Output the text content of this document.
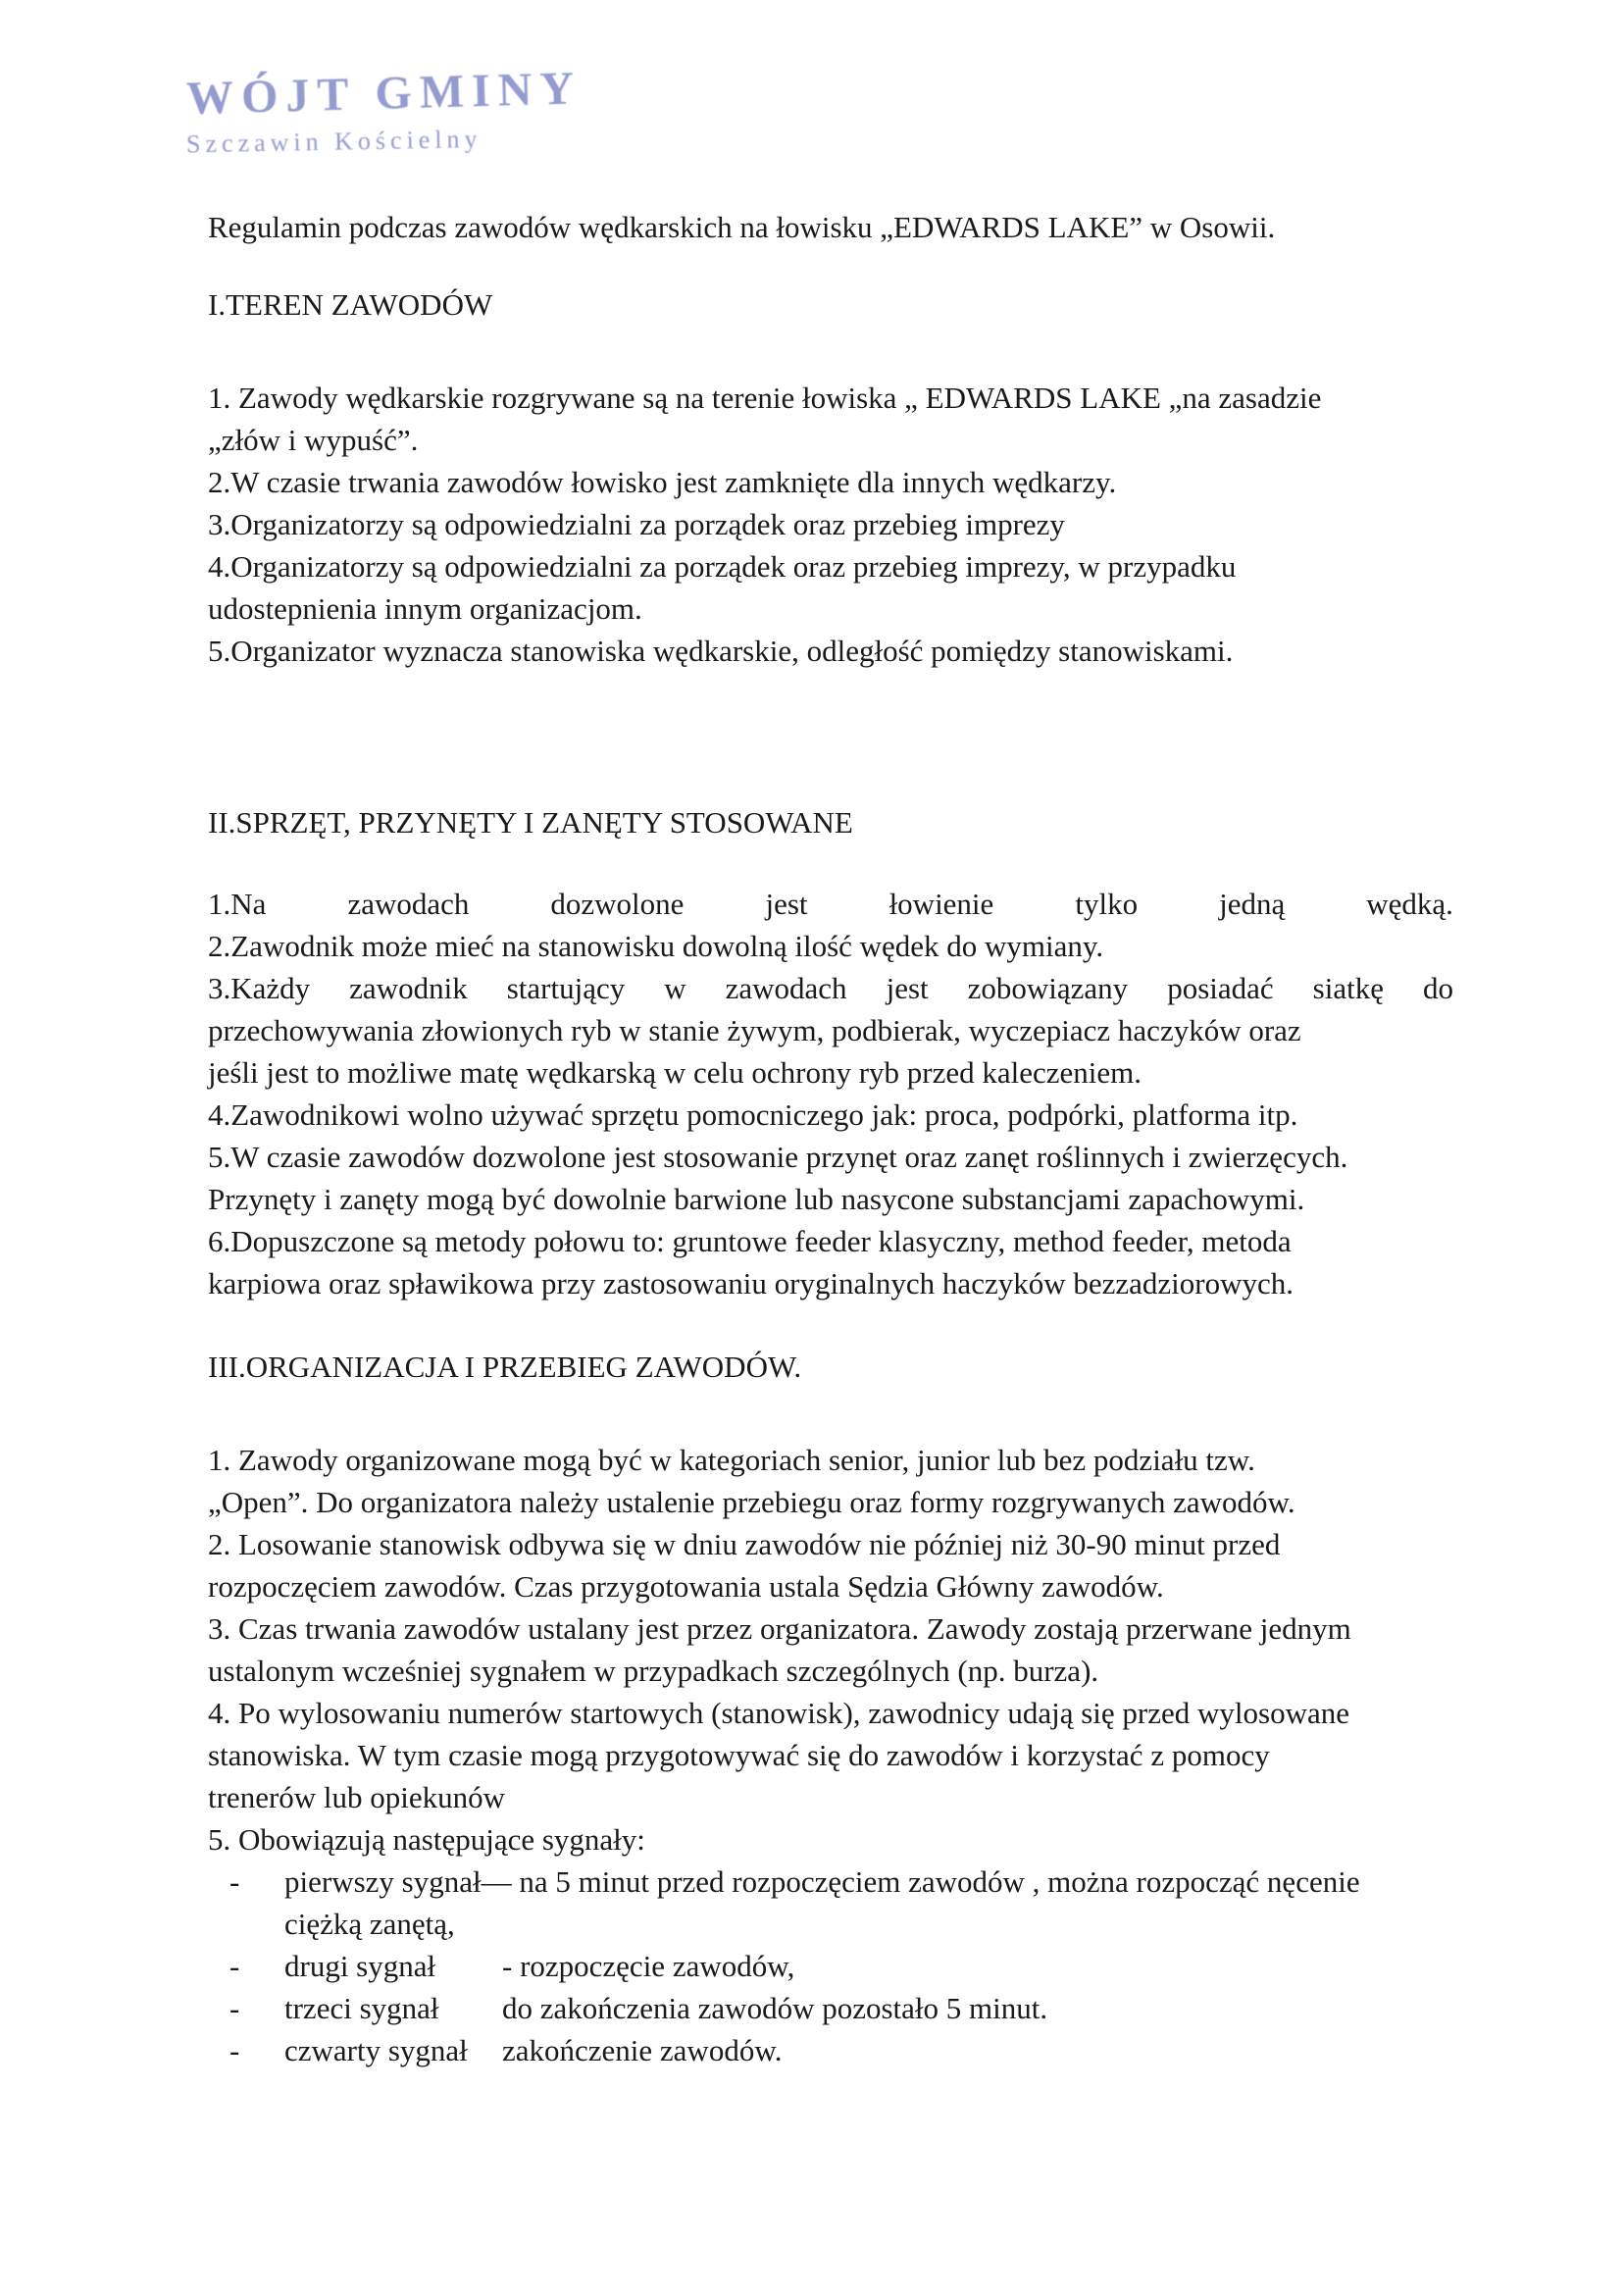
WÓJT GMINY
Szczawin Kościelny

Regulamin podczas zawodów wędkarskich na łowisku „EDWARDS LAKE” w Osowii.

I.TEREN ZAWODÓW

1. Zawody wędkarskie rozgrywane są na terenie łowiska „ EDWARDS LAKE „na zasadzie

„złów i wypuść”.

2.W czasie trwania zawodów łowisko jest zamknięte dla innych wędkarzy.

3.Organizatorzy są odpowiedzialni za porządek oraz przebieg imprezy

4.Organizatorzy są odpowiedzialni za porządek oraz przebieg imprezy, w przypadku

udostepnienia innym organizacjom.

5.Organizator wyznacza stanowiska wędkarskie, odległość pomiędzy stanowiskami.

II.SPRZĘT, PRZYNĘTY I ZANĘTY STOSOWANE

1.Na	zawodach	dozwolone	jest	łowienie	tylko	jedną	wędką.

2.Zawodnik może mieć na stanowisku dowolną ilość wędek do wymiany.

3.Każdy zawodnik startujący w zawodach jest zobowiązany posiadać siatkę do

przechowywania złowionych ryb w stanie żywym, podbierak, wyczepiacz haczyków oraz

jeśli jest to możliwe matę wędkarską w celu ochrony ryb przed kaleczeniem.

4.Zawodnikowi wolno używać sprzętu pomocniczego jak: proca, podpórki, platforma itp.

5.W czasie zawodów dozwolone jest stosowanie przynęt oraz zanęt roślinnych i zwierzęcych.

Przynęty i zanęty mogą być dowolnie barwione lub nasycone substancjami zapachowymi.

6.Dopuszczone są metody połowu to: gruntowe feeder klasyczny, method feeder, metoda

karpiowa oraz spławikowa przy zastosowaniu oryginalnych haczyków bezzadziorowych.

III.ORGANIZACJA I PRZEBIEG ZAWODÓW.

1. Zawody organizowane mogą być w kategoriach senior, junior lub bez podziału tzw.

„Open”. Do organizatora należy ustalenie przebiegu oraz formy rozgrywanych zawodów.

2. Losowanie stanowisk odbywa się w dniu zawodów nie później niż 30-90 minut przed

rozpoczęciem zawodów. Czas przygotowania ustala Sędzia Główny zawodów.

3. Czas trwania zawodów ustalany jest przez organizatora. Zawody zostają przerwane jednym

ustalonym wcześniej sygnałem w przypadkach szczególnych (np. burza).

4. Po wylosowaniu numerów startowych (stanowisk), zawodnicy udają się przed wylosowane

stanowiska. W tym czasie mogą przygotowywać się do zawodów i korzystać z pomocy

trenerów lub opiekunów

5. Obowiązują następujące sygnały:

-	pierwszy sygnał— na 5 minut przed rozpoczęciem zawodów , można rozpocząć nęcenie
ciężką zanętą,
-	drugi sygnał	- rozpoczęcie zawodów,
-	trzeci sygnał	do zakończenia zawodów pozostało 5 minut.
-	czwarty sygnał	zakończenie zawodów.
